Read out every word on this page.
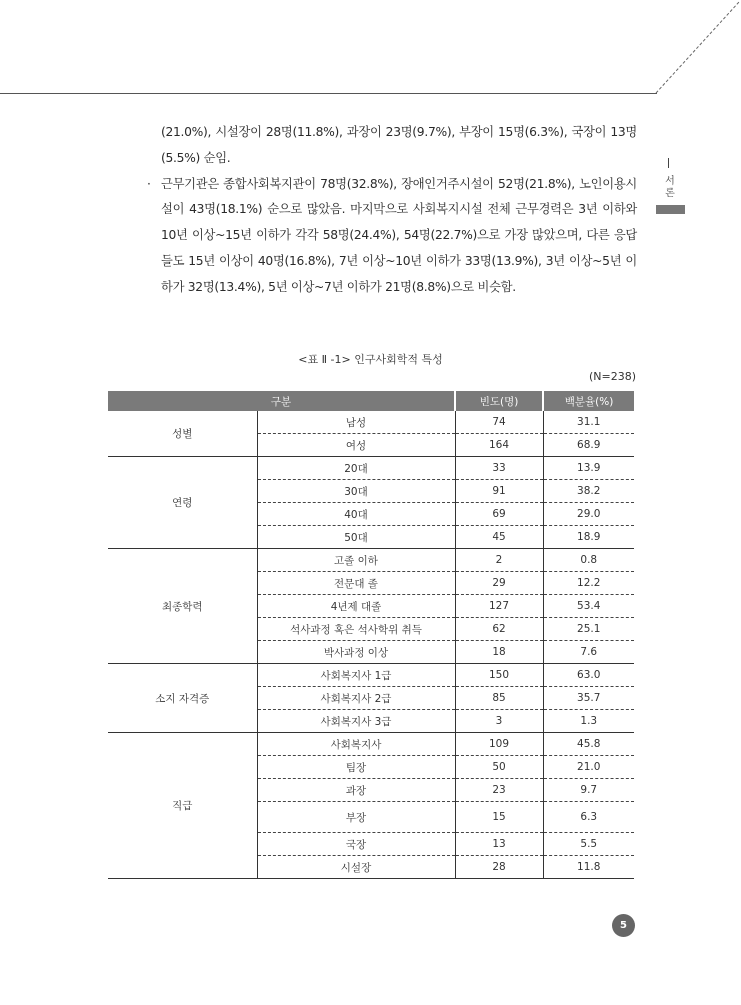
서론

(21.0%), 시설장이 28명(11.8%), 과장이 23명(9.7%), 부장이 15명(6.3%), 국장이 13명(5.5%) 순임.

· 근무기관은 종합사회복지관이 78명(32.8%), 장애인거주시설이 52명(21.8%), 노인이용시설이 43명(18.1%) 순으로 많았음. 마지막으로 사회복지시설 전체 근무경력은 3년 이하와 10년 이상~15년 이하가 각각 58명(24.4%), 54명(22.7%)으로 가장 많았으며, 다른 응답들도 15년 이상이 40명(16.8%), 7년 이상~10년 이하가 33명(13.9%), 3년 이상~5년 이하가 32명(13.4%), 5년 이상~7년 이하가 21명(8.8%)으로 비슷함.

<표 Ⅱ -1> 인구사회학적 특성
(N=238)
구분		빈도(명)	백분율(%)
성별	남성	74	31.1
	여성	164	68.9
연령	20대	33	13.9
	30대	91	38.2
	40대	69	29.0
	50대	45	18.9
최종학력	고졸 이하	2	0.8
	전문대 졸	29	12.2
	4년제 대졸	127	53.4
	석사과정 혹은 석사학위 취득	62	25.1
	박사과정 이상	18	7.6
소지 자격증	사회복지사 1급	150	63.0
	사회복지사 2급	85	35.7
	사회복지사 3급	3	1.3
직급	사회복지사	109	45.8
	팀장	50	21.0
	과장	23	9.7
	부장	15	6.3
	국장	13	5.5
	시설장	28	11.8
5
